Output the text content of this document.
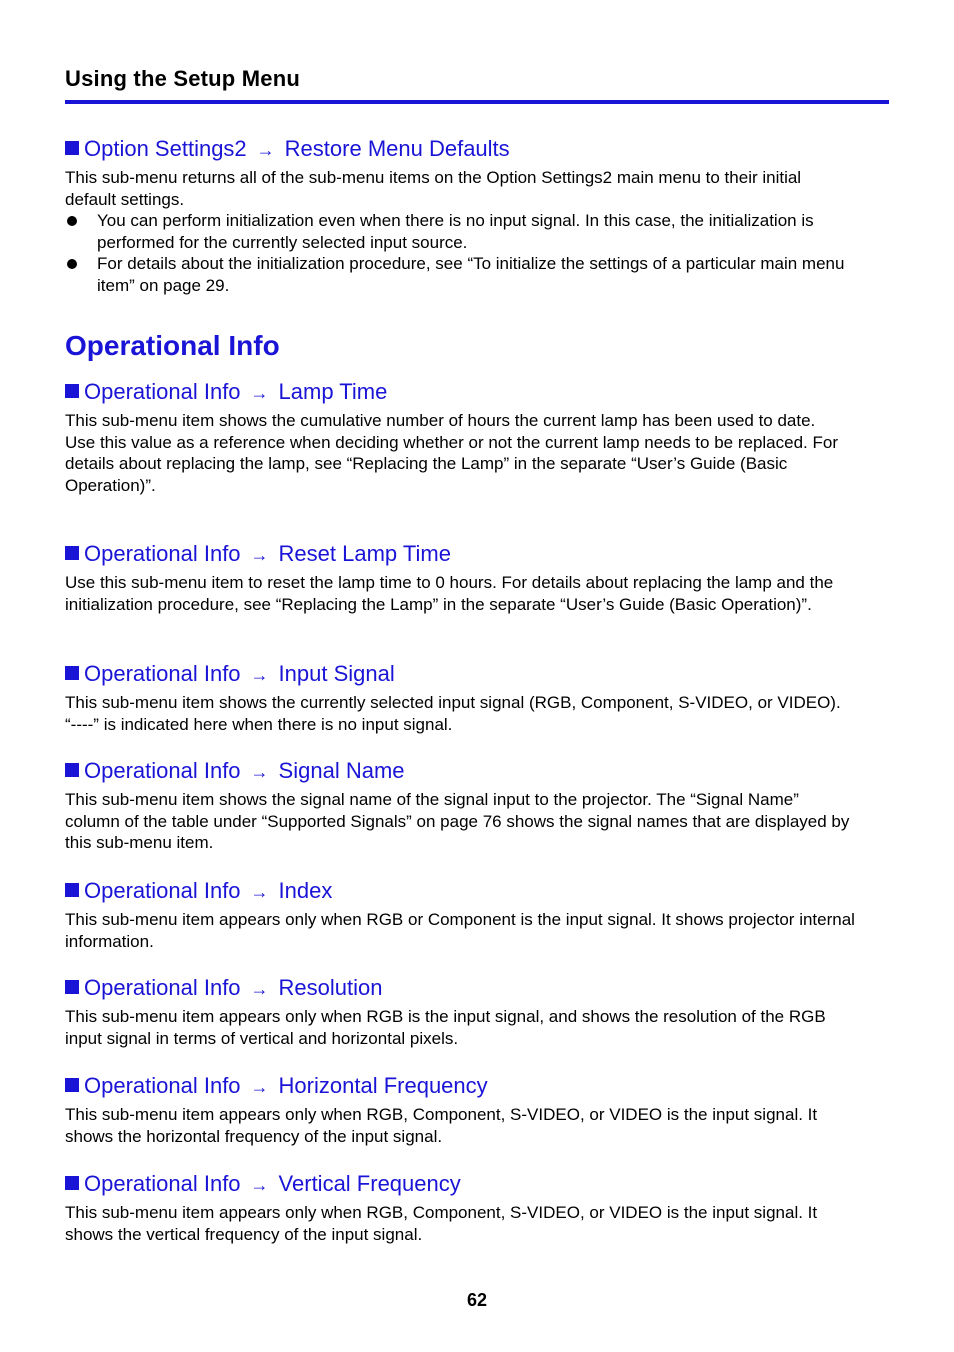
Using the Setup Menu
Option Settings2 → Restore Menu Defaults

This sub-menu returns all of the sub-menu items on the Option Settings2 main menu to their initial default settings.

You can perform initialization even when there is no input signal. In this case, the initialization is performed for the currently selected input source.
For details about the initialization procedure, see “To initialize the settings of a particular main menu item” on page 29.
Operational Info
Operational Info → Lamp Time

This sub-menu item shows the cumulative number of hours the current lamp has been used to date.

Use this value as a reference when deciding whether or not the current lamp needs to be replaced. For details about replacing the lamp, see “Replacing the Lamp” in the separate “User’s Guide (Basic Operation)”.

Operational Info → Reset Lamp Time

Use this sub-menu item to reset the lamp time to 0 hours. For details about replacing the lamp and the initialization procedure, see “Replacing the Lamp” in the separate “User’s Guide (Basic Operation)”.

Operational Info → Input Signal

This sub-menu item shows the currently selected input signal (RGB, Component, S-VIDEO, or VIDEO). “----” is indicated here when there is no input signal.

Operational Info → Signal Name

This sub-menu item shows the signal name of the signal input to the projector. The “Signal Name” column of the table under “Supported Signals” on page 76 shows the signal names that are displayed by this sub-menu item.

Operational Info → Index

This sub-menu item appears only when RGB or Component is the input signal. It shows projector internal information.

Operational Info → Resolution

This sub-menu item appears only when RGB is the input signal, and shows the resolution of the RGB input signal in terms of vertical and horizontal pixels.

Operational Info → Horizontal Frequency

This sub-menu item appears only when RGB, Component, S-VIDEO, or VIDEO is the input signal. It shows the horizontal frequency of the input signal.

Operational Info → Vertical Frequency

This sub-menu item appears only when RGB, Component, S-VIDEO, or VIDEO is the input signal. It shows the vertical frequency of the input signal.

62
